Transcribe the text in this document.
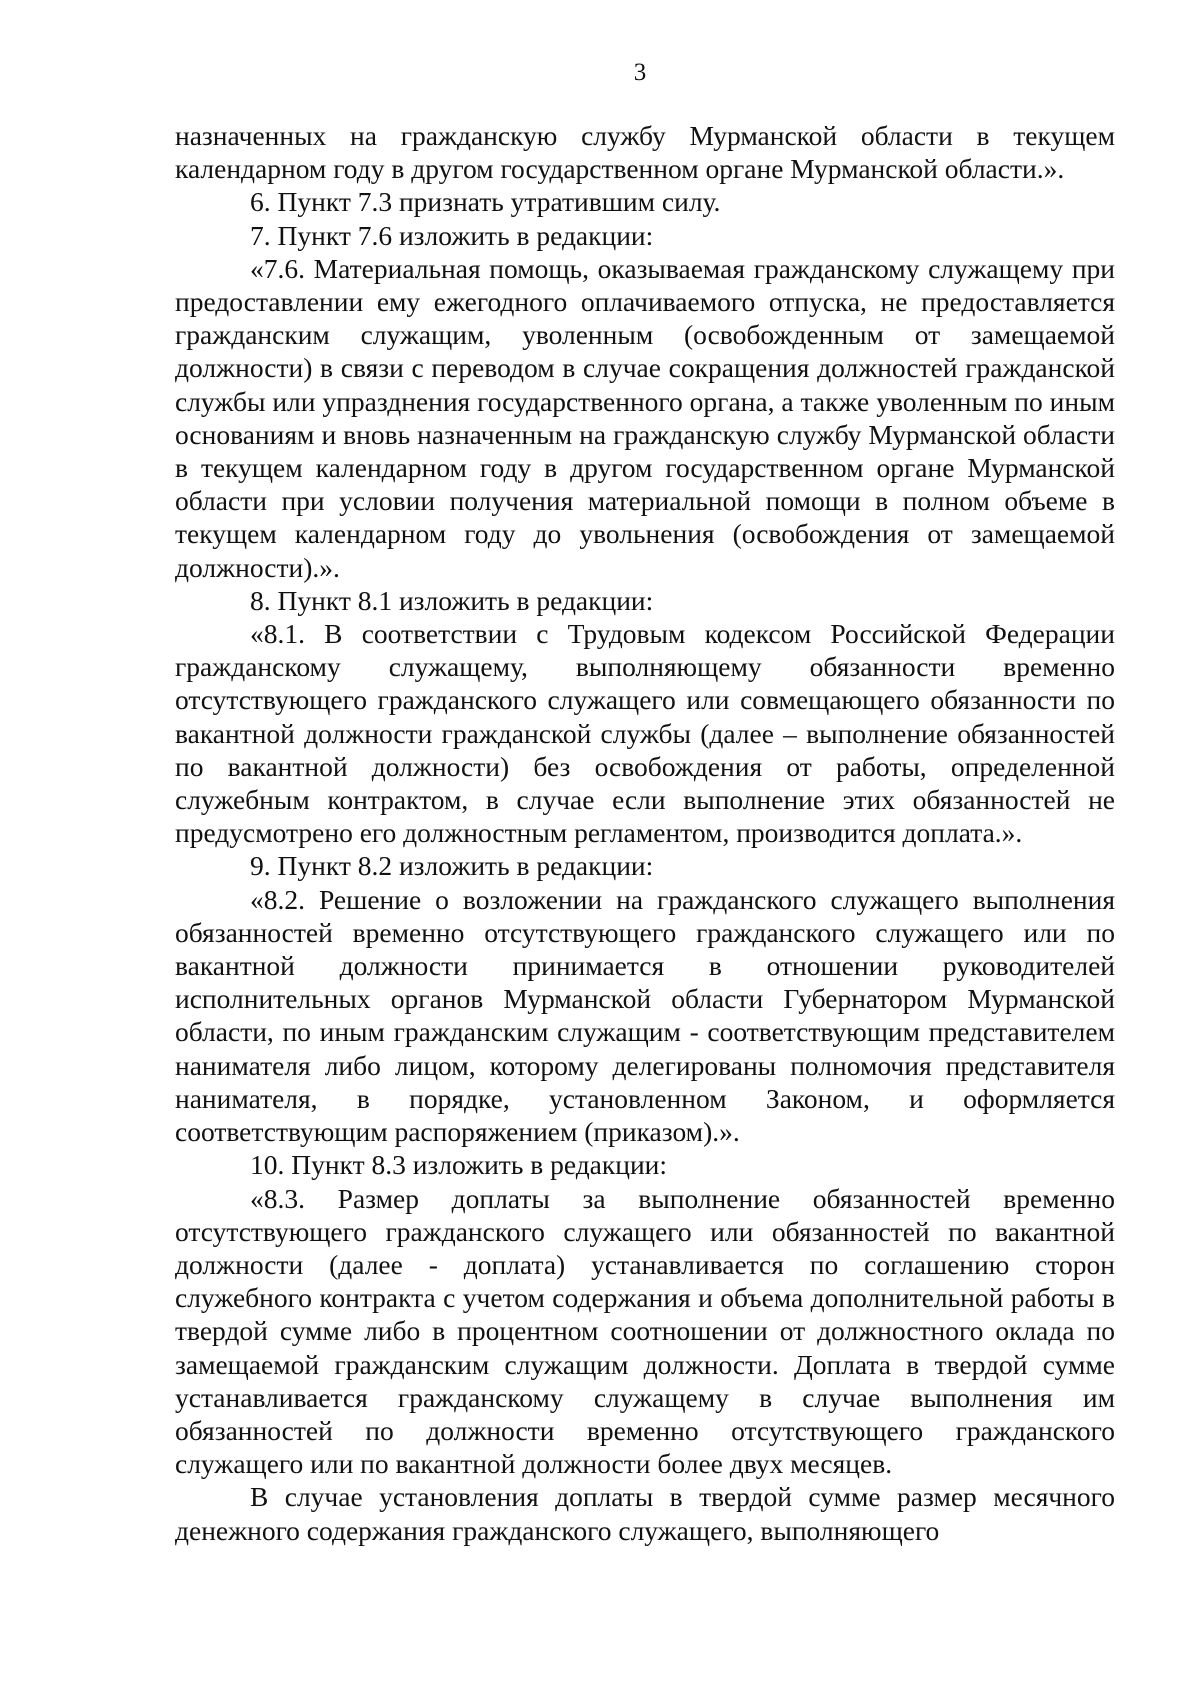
3

назначенных на гражданскую службу Мурманской области в текущем календарном году в другом государственном органе Мурманской области.».

6. Пункт 7.3 признать утратившим силу.

7. Пункт 7.6 изложить в редакции:

«7.6. Материальная помощь, оказываемая гражданскому служащему при предоставлении ему ежегодного оплачиваемого отпуска, не предоставляется гражданским служащим, уволенным (освобожденным от замещаемой должности) в связи с переводом в случае сокращения должностей гражданской службы или упразднения государственного органа, а также уволенным по иным основаниям и вновь назначенным на гражданскую службу Мурманской области в текущем календарном году в другом государственном органе Мурманской области при условии получения материальной помощи в полном объеме в текущем календарном году до увольнения (освобождения от замещаемой должности).».

8. Пункт 8.1 изложить в редакции:

«8.1. В соответствии с Трудовым кодексом Российской Федерации гражданскому служащему, выполняющему обязанности временно отсутствующего гражданского служащего или совмещающего обязанности по вакантной должности гражданской службы (далее – выполнение обязанностей по вакантной должности) без освобождения от работы, определенной служебным контрактом, в случае если выполнение этих обязанностей не предусмотрено его должностным регламентом, производится доплата.».

9. Пункт 8.2 изложить в редакции:

«8.2. Решение о возложении на гражданского служащего выполнения обязанностей временно отсутствующего гражданского служащего или по вакантной должности принимается в отношении руководителей исполнительных органов Мурманской области Губернатором Мурманской области, по иным гражданским служащим - соответствующим представителем нанимателя либо лицом, которому делегированы полномочия представителя нанимателя, в порядке, установленном Законом, и оформляется соответствующим распоряжением (приказом).».

10. Пункт 8.3 изложить в редакции:

«8.3. Размер доплаты за выполнение обязанностей временно отсутствующего гражданского служащего или обязанностей по вакантной должности (далее - доплата) устанавливается по соглашению сторон служебного контракта с учетом содержания и объема дополнительной работы в твердой сумме либо в процентном соотношении от должностного оклада по замещаемой гражданским служащим должности. Доплата в твердой сумме устанавливается гражданскому служащему в случае выполнения им обязанностей по должности временно отсутствующего гражданского служащего или по вакантной должности более двух месяцев.

В случае установления доплаты в твердой сумме размер месячного денежного содержания гражданского служащего, выполняющего
